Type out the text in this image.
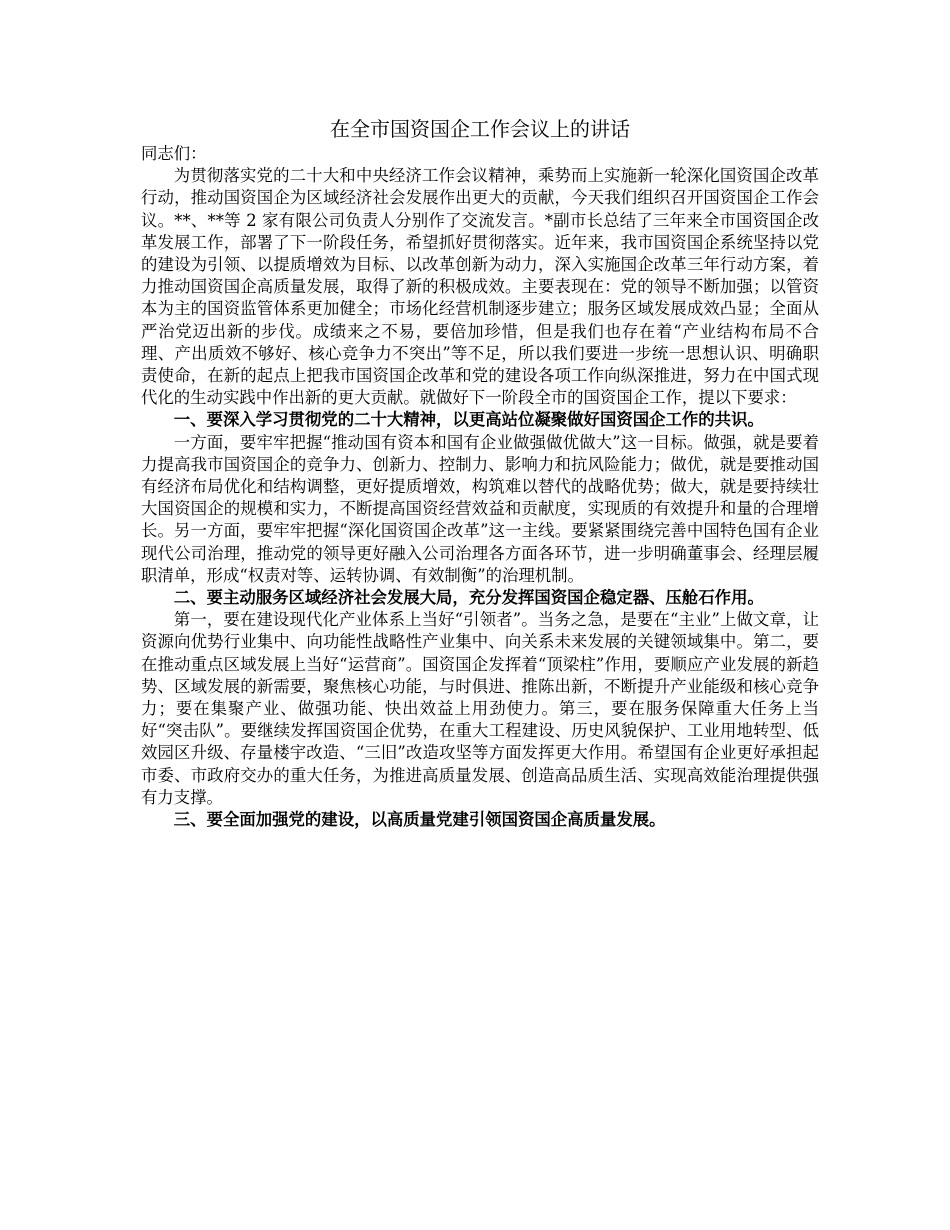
在全市国资国企工作会议上的讲话

同志们：

为贯彻落实党的二十大和中央经济工作会议精神，乘势而上实施新一轮深化国资国企改革行动，推动国资国企为区域经济社会发展作出更大的贡献，今天我们组织召开国资国企工作会议。**、**等 2 家有限公司负责人分别作了交流发言。*副市长总结了三年来全市国资国企改革发展工作，部署了下一阶段任务，希望抓好贯彻落实。近年来，我市国资国企系统坚持以党的建设为引领、以提质增效为目标、以改革创新为动力，深入实施国企改革三年行动方案，着力推动国资国企高质量发展，取得了新的积极成效。主要表现在：党的领导不断加强；以管资本为主的国资监管体系更加健全；市场化经营机制逐步建立；服务区域发展成效凸显；全面从严治党迈出新的步伐。成绩来之不易，要倍加珍惜，但是我们也存在着“产业结构布局不合理、产出质效不够好、核心竞争力不突出”等不足，所以我们要进一步统一思想认识、明确职责使命，在新的起点上把我市国资国企改革和党的建设各项工作向纵深推进，努力在中国式现代化的生动实践中作出新的更大贡献。就做好下一阶段全市的国资国企工作，提以下要求：

一、要深入学习贯彻党的二十大精神，以更高站位凝聚做好国资国企工作的共识。

一方面，要牢牢把握“推动国有资本和国有企业做强做优做大”这一目标。做强，就是要着力提高我市国资国企的竞争力、创新力、控制力、影响力和抗风险能力；做优，就是要推动国有经济布局优化和结构调整，更好提质增效，构筑难以替代的战略优势；做大，就是要持续壮大国资国企的规模和实力，不断提高国资经营效益和贡献度，实现质的有效提升和量的合理增长。另一方面，要牢牢把握“深化国资国企改革”这一主线。要紧紧围绕完善中国特色国有企业现代公司治理，推动党的领导更好融入公司治理各方面各环节，进一步明确董事会、经理层履职清单，形成“权责对等、运转协调、有效制衡”的治理机制。

二、要主动服务区域经济社会发展大局，充分发挥国资国企稳定器、压舱石作用。

第一，要在建设现代化产业体系上当好“引领者”。当务之急，是要在“主业”上做文章，让资源向优势行业集中、向功能性战略性产业集中、向关系未来发展的关键领域集中。第二，要在推动重点区域发展上当好“运营商”。国资国企发挥着“顶梁柱”作用，要顺应产业发展的新趋势、区域发展的新需要，聚焦核心功能，与时俱进、推陈出新，不断提升产业能级和核心竞争力；要在集聚产业、做强功能、快出效益上用劲使力。第三，要在服务保障重大任务上当好“突击队”。要继续发挥国资国企优势，在重大工程建设、历史风貌保护、工业用地转型、低效园区升级、存量楼宇改造、“三旧”改造攻坚等方面发挥更大作用。希望国有企业更好承担起市委、市政府交办的重大任务，为推进高质量发展、创造高品质生活、实现高效能治理提供强有力支撑。

三、要全面加强党的建设，以高质量党建引领国资国企高质量发展。
